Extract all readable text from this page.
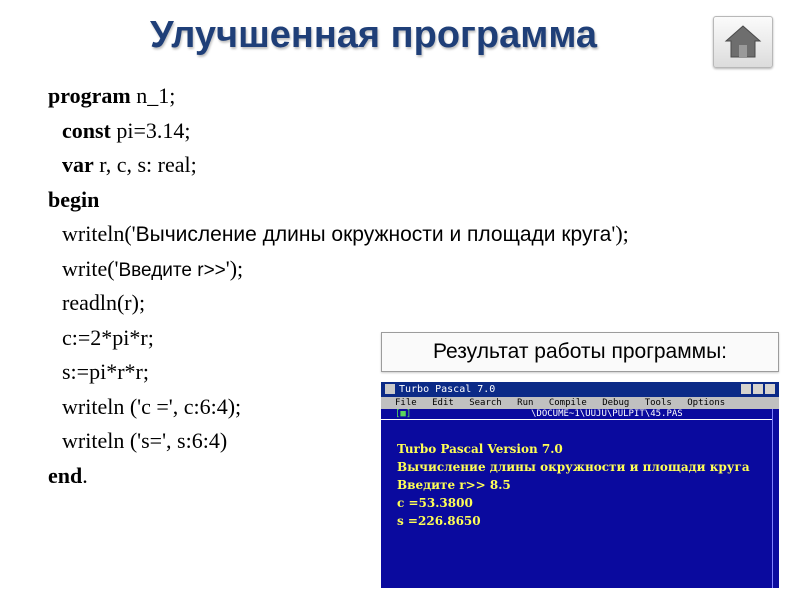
Улучшенная программа
program n_1;
const pi=3.14;
var r, c, s: real;
begin
writeln('Вычисление длины окружности и площади круга');
write('Введите r>>');
readln(r);
c:=2*pi*r;
s:=pi*r*r;
writeln ('c =', c:6:4);
writeln ('s=', s:6:4)
end.
Результат работы программы:
Turbo Pascal 7.0
File Edit Search Run Compile Debug Tools Options
[■]	\DOCUME~1\UUJU\PULPIT\45.PAS
Turbo Pascal Version 7.0
Вычисление длины окружности и площади круга
Введите r>> 8.5
c =53.3800
s =226.8650
